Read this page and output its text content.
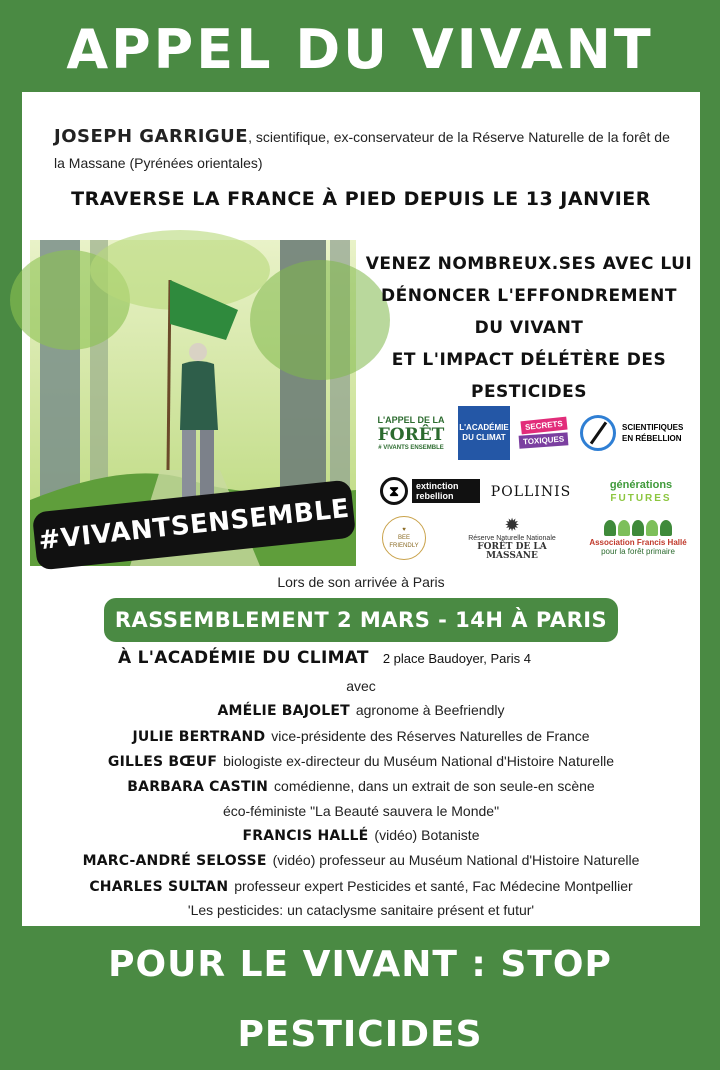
APPEL DU VIVANT
JOSEPH GARRIGUE, scientifique, ex-conservateur de la Réserve Naturelle de la forêt de la Massane (Pyrénées orientales)
TRAVERSE LA FRANCE À PIED DEPUIS LE 13 JANVIER
#VIVANTSENSEMBLE
VENEZ NOMBREUX.SES AVEC LUI
DÉNONCER L'EFFONDREMENT DU VIVANT
ET L'IMPACT DÉLÉTÈRE DES PESTICIDES
L'APPEL DE LA
FORÊT
# VIVANTS ENSEMBLE
L'ACADÉMIE DU CLIMAT
SECRETS
TOXIQUES
SCIENTIFIQUES EN RÉBELLION
⧗	extinction rebellion	POLLINIS	générations
FUTURES
♥
BEE FRIENDLY
✹
Réserve Naturelle Nationale
FORÊT DE LA MASSANE
Association Francis Hallé
pour la forêt primaire
Lors de son arrivée à Paris
RASSEMBLEMENT 2 MARS - 14H À PARIS
À L'ACADÉMIE DU CLIMAT 2 place Baudoyer, Paris 4
avec
AMÉLIE BAJOLET agronome à Beefriendly
JULIE BERTRAND vice-présidente des Réserves Naturelles de France
GILLES BŒUF biologiste ex-directeur du Muséum National d'Histoire Naturelle
BARBARA CASTIN comédienne, dans un extrait de son seule-en scène
éco-féministe "La Beauté sauvera le Monde"
FRANCIS HALLÉ (vidéo) Botaniste
MARC-ANDRÉ SELOSSE (vidéo) professeur au Muséum National d'Histoire Naturelle
CHARLES SULTAN professeur expert Pesticides et santé, Fac Médecine Montpellier
'Les pesticides: un cataclysme sanitaire présent et futur'
POUR LE VIVANT : STOP PESTICIDES
